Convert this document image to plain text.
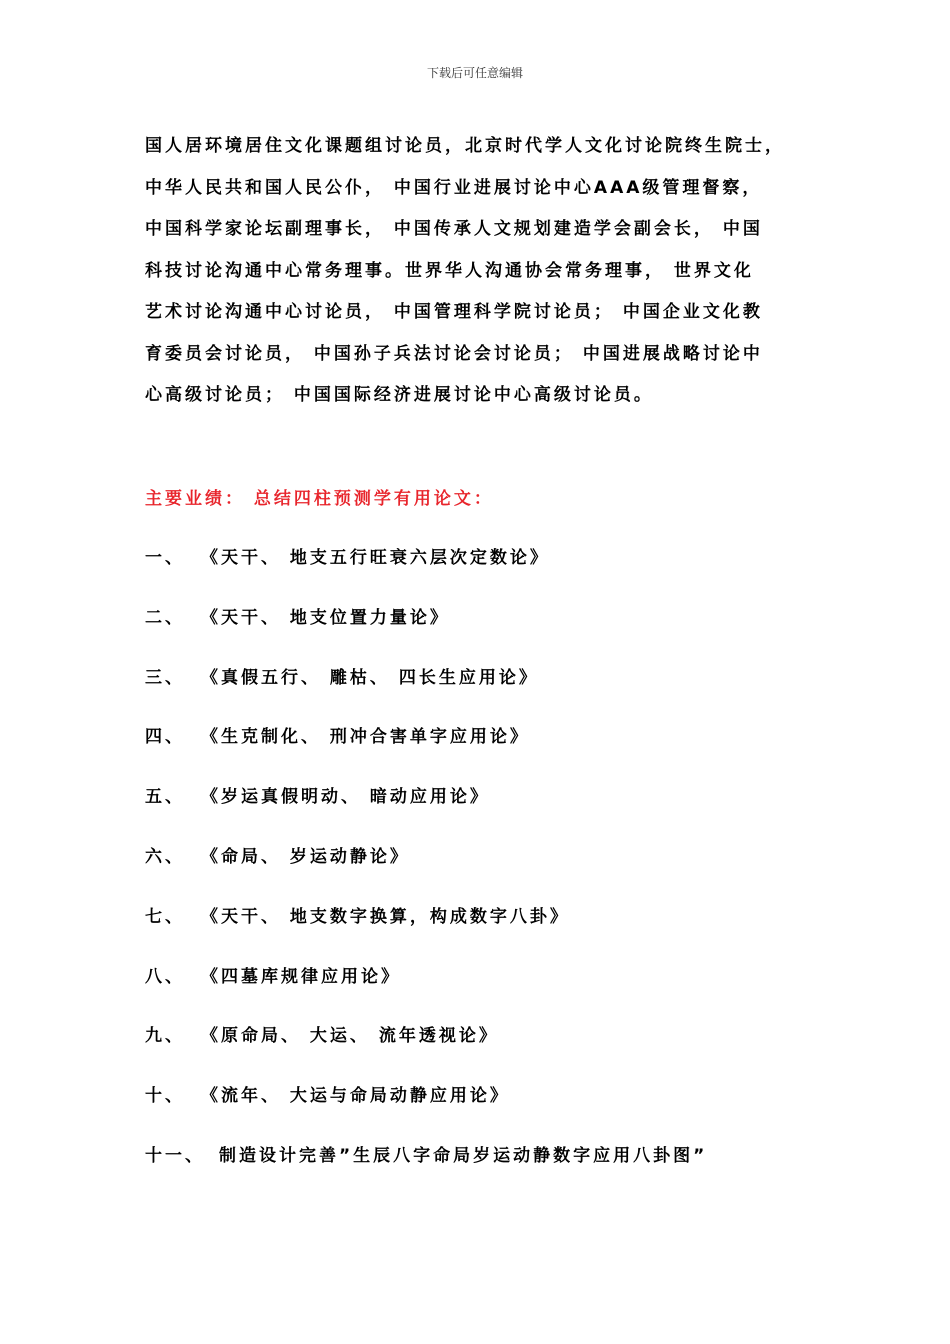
下载后可任意编辑

国人居环境居住文化课题组讨论员，北京时代学人文化讨论院终生院士，

中华人民共和国人民公仆， 中国行业进展讨论中心AAA级管理督察，

中国科学家论坛副理事长， 中国传承人文规划建造学会副会长， 中国

科技讨论沟通中心常务理事。世界华人沟通协会常务理事， 世界文化

艺术讨论沟通中心讨论员， 中国管理科学院讨论员； 中国企业文化教

育委员会讨论员， 中国孙子兵法讨论会讨论员； 中国进展战略讨论中

心高级讨论员； 中国国际经济进展讨论中心高级讨论员。

主要业绩： 总结四柱预测学有用论文：
一、 《天干、 地支五行旺衰六层次定数论》
二、 《天干、 地支位置力量论》
三、 《真假五行、 雕枯、 四长生应用论》
四、 《生克制化、 刑冲合害单字应用论》
五、 《岁运真假明动、 暗动应用论》
六、 《命局、 岁运动静论》
七、 《天干、 地支数字换算，构成数字八卦》
八、 《四墓库规律应用论》
九、 《原命局、 大运、 流年透视论》
十、 《流年、 大运与命局动静应用论》
十一、 制造设计完善”生辰八字命局岁运动静数字应用八卦图”
